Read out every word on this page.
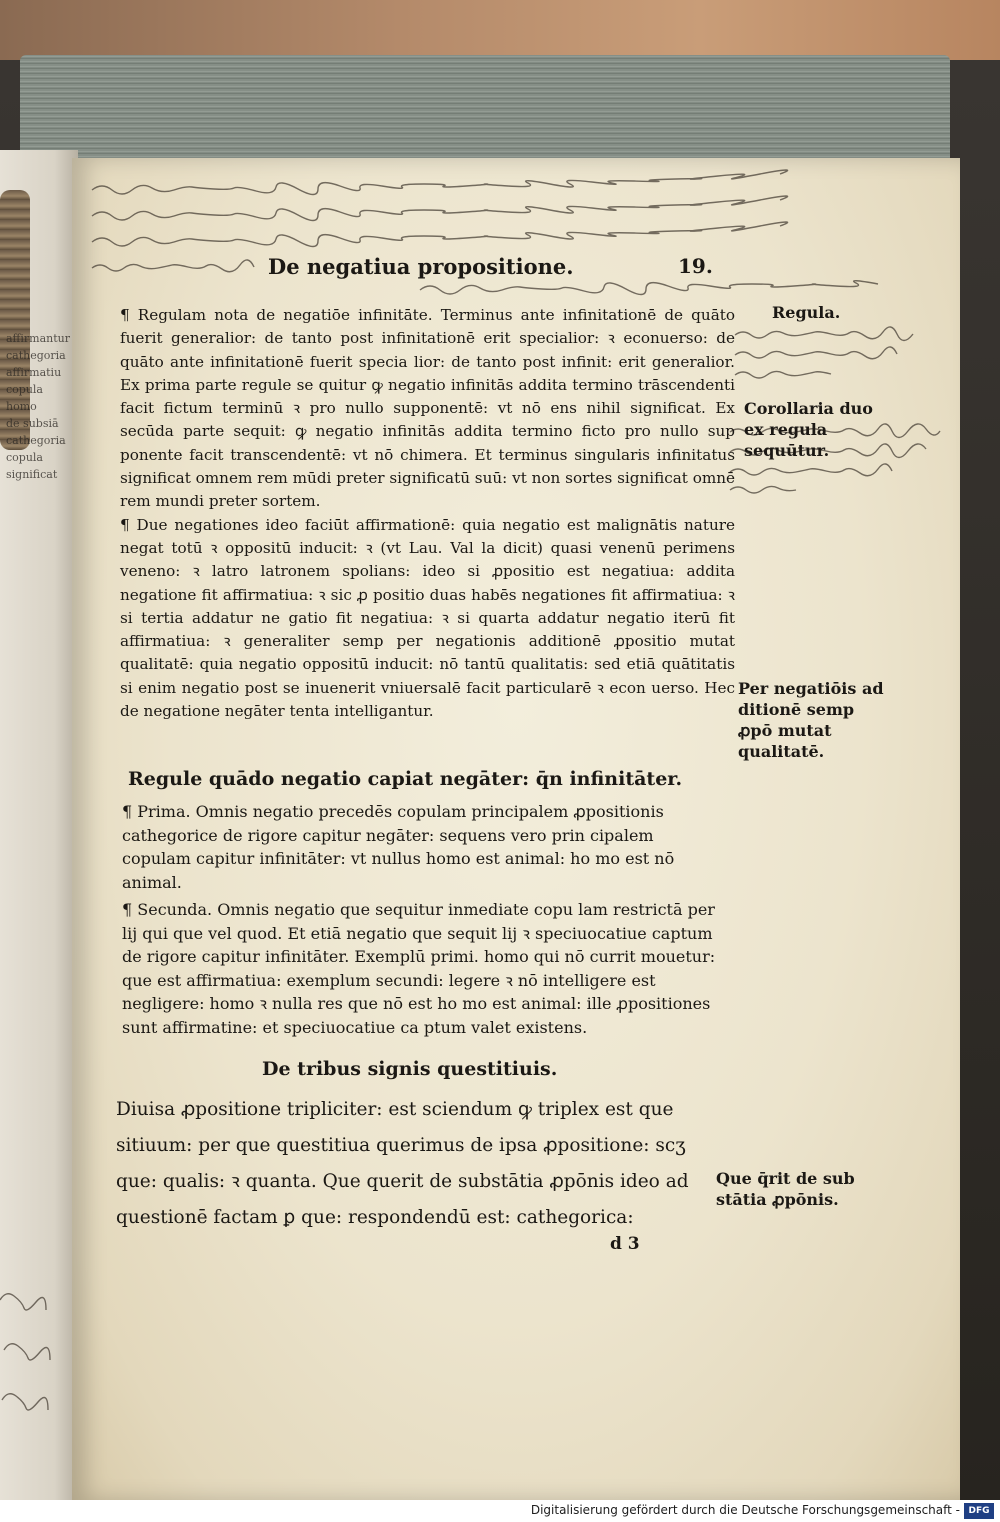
affirmantur
cathegoria
affirmatiu
copula
homo
de subsiā
cathegoria
copula
significat
De negatiua propositione.	19.

¶ Regulam nota de negatiōe infinitāte. Terminus ante infinitationē de quāto fuerit generalior: de tanto post infinitationē erit specialior: ꝛ econuerso: de quāto ante infinitationē fuerit specia lior: de tanto post infinit: erit generalior. Ex prima parte regule se quitur ꝙ negatio infinitās addita termino trāscendenti facit fictum terminū ꝛ pro nullo supponentē: vt nō ens nihil significat. Ex secūda parte sequit: ꝙ negatio infinitās addita termino ficto pro nullo sup ponente facit transcendentē: vt nō chimera. Et terminus singularis infinitatus significat omnem rem mūdi preter significatū suū: vt non sortes significat omnē rem mundi preter sortem.

¶ Due negationes ideo faciūt affirmationē: quia negatio est malignātis nature negat totū ꝛ oppositū inducit: ꝛ (vt Lau. Val la dicit) quasi venenū perimens veneno: ꝛ latro latronem spolians: ideo si ꝓpositio est negatiua: addita negatione fit affirmatiua: ꝛ sic ꝓ positio duas habēs negationes fit affirmatiua: ꝛ si tertia addatur ne gatio fit negatiua: ꝛ si quarta addatur negatio iterū fit affirmatiua: ꝛ generaliter semp per negationis additionē ꝓpositio mutat qualitatē: quia negatio oppositū inducit: nō tantū qualitatis: sed etiā quātitatis si enim negatio post se inuenerit vniuersalē facit particularē ꝛ econ uerso. Hec de negatione negāter tenta intelligantur.

Regule quādo negatio capiat negāter: q̄n infinitāter.

¶ Prima. Omnis negatio precedēs copulam principalem ꝓpositionis cathegorice de rigore capitur negāter: sequens vero prin cipalem copulam capitur infinitāter: vt nullus homo est animal: ho mo est nō animal.

¶ Secunda. Omnis negatio que sequitur inmediate copu lam restrictā per lij qui que vel quod. Et etiā negatio que sequit lij ꝛ speciuocatiue captum de rigore capitur infinitāter. Exemplū primi. homo qui nō currit mouetur: que est affirmatiua: exemplum secundi: legere ꝛ nō intelligere est negligere: homo ꝛ nulla res que nō est ho mo est animal: ille ꝓpositiones sunt affirmatine: et speciuocatiue ca ptum valet existens.

De tribus signis questitiuis.

Diuisa ꝓpositione tripliciter: est sciendum ꝙ triplex est que sitiuum: per que questitiua querimus de ipsa ꝓpositione: scʒ que: qualis: ꝛ quanta. Que querit de substātia ꝓpōnis ideo ad questionē factam ꝑ que: respondendū est: cathegorica:

d 3
Regula.
Corollaria duo ex regula sequūtur.
Per negatiōis ad ditionē semp ꝓpō mutat qualitatē.
Que q̄rit de sub stātia ꝓpōnis.
Digitalisierung gefördert durch die Deutsche Forschungsgemeinschaft - DFG
